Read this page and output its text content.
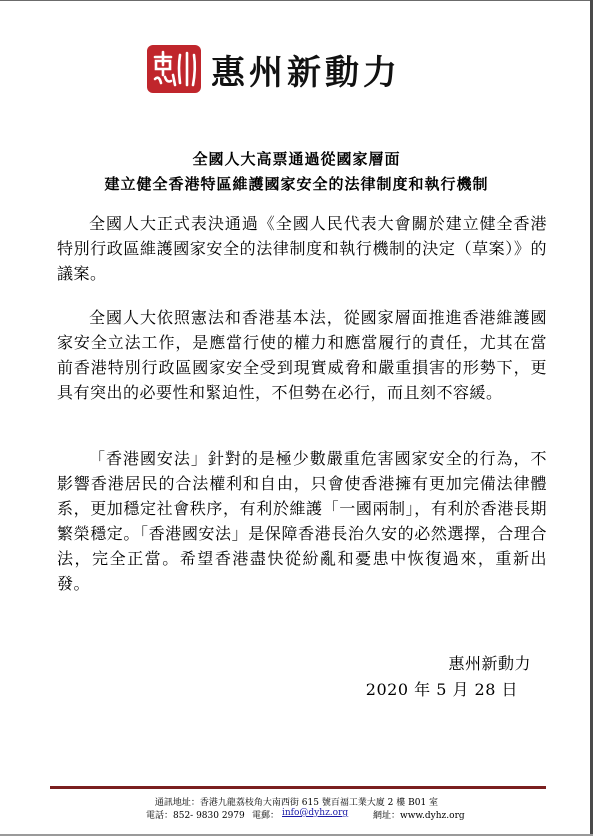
惠州新動力
全國人大高票通過從國家層面
建立健全香港特區維護國家安全的法律制度和執行機制

全國人大正式表決通過《全國人民代表大會關於建立健全香港特別行政區維護國家安全的法律制度和執行機制的決定（草案）》的議案。

全國人大依照憲法和香港基本法，從國家層面推進香港維護國家安全立法工作，是應當行使的權力和應當履行的責任，尤其在當前香港特別行政區國家安全受到現實威脅和嚴重損害的形勢下，更具有突出的必要性和緊迫性，不但勢在必行，而且刻不容緩。

「香港國安法」針對的是極少數嚴重危害國家安全的行為，不影響香港居民的合法權利和自由，只會使香港擁有更加完備法律體系，更加穩定社會秩序，有利於維護「一國兩制」，有利於香港長期繁榮穩定。「香港國安法」是保障香港長治久安的必然選擇，合理合法，完全正當。希望香港盡快從紛亂和憂患中恢復過來，重新出發。

惠州新動力
2020 年 5 月 28 日
通訊地址：香港九龍荔枝角大南西街 615 號百福工業大廈 2 樓 B01 室
電話：852- 9830 2979 電郵： info@dyhz.org	網址：www.dyhz.org
